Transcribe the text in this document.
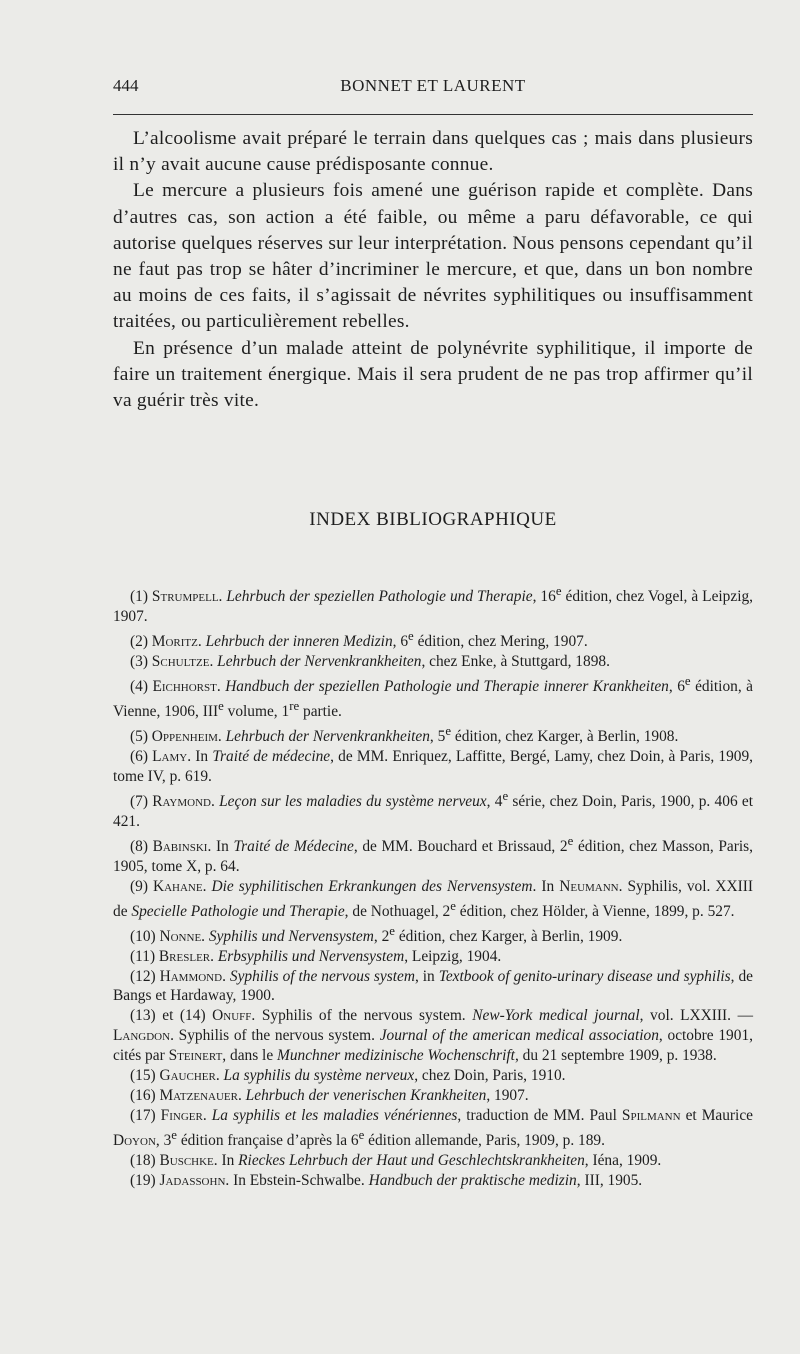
444	BONNET ET LAURENT

L’alcoolisme avait préparé le terrain dans quelques cas ; mais dans plusieurs il n’y avait aucune cause prédisposante connue.

Le mercure a plusieurs fois amené une guérison rapide et complète. Dans d’autres cas, son action a été faible, ou même a paru défavorable, ce qui autorise quelques réserves sur leur interprétation. Nous pensons cependant qu’il ne faut pas trop se hâter d’incriminer le mercure, et que, dans un bon nombre au moins de ces faits, il s’agissait de névrites syphilitiques ou insuffisamment traitées, ou particulièrement rebelles.

En présence d’un malade atteint de polynévrite syphilitique, il importe de faire un traitement énergique. Mais il sera prudent de ne pas trop affirmer qu’il va guérir très vite.

INDEX BIBLIOGRAPHIQUE

(1) Strumpell. Lehrbuch der speziellen Pathologie und Therapie, 16e édition, chez Vogel, à Leipzig, 1907.

(2) Moritz. Lehrbuch der inneren Medizin, 6e édition, chez Mering, 1907.

(3) Schultze. Lehrbuch der Nervenkrankheiten, chez Enke, à Stuttgard, 1898.

(4) Eichhorst. Handbuch der speziellen Pathologie und Therapie innerer Krankheiten, 6e édition, à Vienne, 1906, IIIe volume, 1re partie.

(5) Oppenheim. Lehrbuch der Nervenkrankheiten, 5e édition, chez Karger, à Berlin, 1908.

(6) Lamy. In Traité de médecine, de MM. Enriquez, Laffitte, Bergé, Lamy, chez Doin, à Paris, 1909, tome IV, p. 619.

(7) Raymond. Leçon sur les maladies du système nerveux, 4e série, chez Doin, Paris, 1900, p. 406 et 421.

(8) Babinski. In Traité de Médecine, de MM. Bouchard et Brissaud, 2e édition, chez Masson, Paris, 1905, tome X, p. 64.

(9) Kahane. Die syphilitischen Erkrankungen des Nervensystem. In Neumann. Syphilis, vol. XXIII de Specielle Pathologie und Therapie, de Nothuagel, 2e édition, chez Hölder, à Vienne, 1899, p. 527.

(10) Nonne. Syphilis und Nervensystem, 2e édition, chez Karger, à Berlin, 1909.

(11) Bresler. Erbsyphilis und Nervensystem, Leipzig, 1904.

(12) Hammond. Syphilis of the nervous system, in Textbook of genito-urinary disease und syphilis, de Bangs et Hardaway, 1900.

(13) et (14) Onuff. Syphilis of the nervous system. New-York medical journal, vol. LXXIII. — Langdon. Syphilis of the nervous system. Journal of the american medical association, octobre 1901, cités par Steinert, dans le Munchner medizinische Wochenschrift, du 21 septembre 1909, p. 1938.

(15) Gaucher. La syphilis du système nerveux, chez Doin, Paris, 1910.

(16) Matzenauer. Lehrbuch der venerischen Krankheiten, 1907.

(17) Finger. La syphilis et les maladies vénériennes, traduction de MM. Paul Spilmann et Maurice Doyon, 3e édition française d’après la 6e édition allemande, Paris, 1909, p. 189.

(18) Buschke. In Rieckes Lehrbuch der Haut und Geschlechtskrankheiten, Iéna, 1909.

(19) Jadassohn. In Ebstein-Schwalbe. Handbuch der praktische medizin, III, 1905.
